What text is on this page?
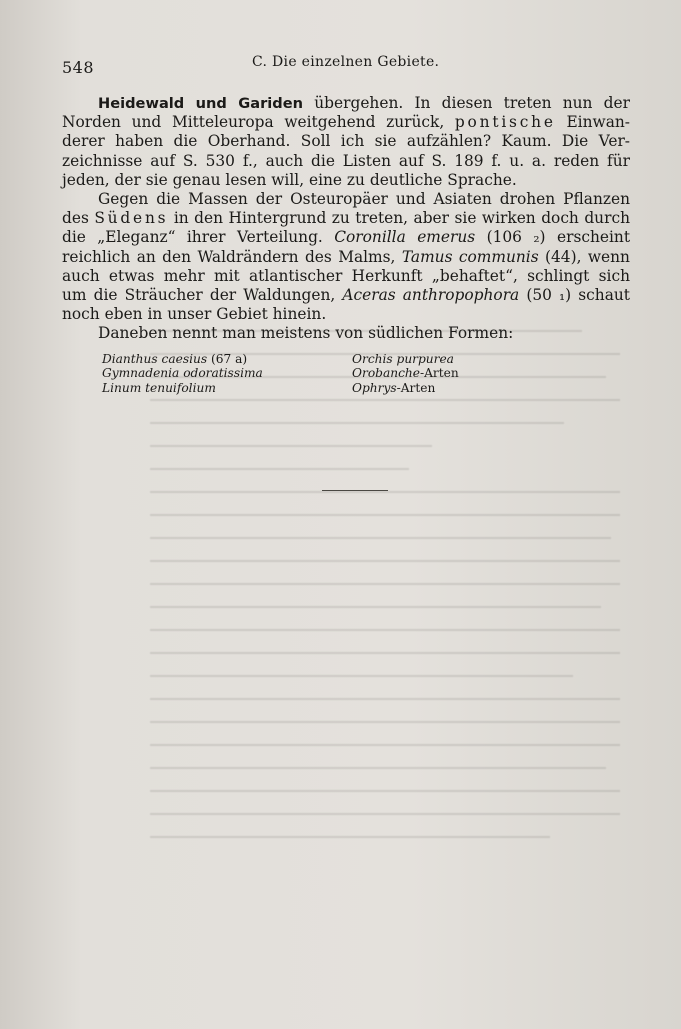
548	C. Die einzelnen Gebiete.
Heidewald und Gariden übergehen. In diesen treten nun der
Norden und Mitteleuropa weitgehend zurück, pontische Einwan-
derer haben die Oberhand. Soll ich sie aufzählen? Kaum. Die Ver-
zeichnisse auf S. 530 f., auch die Listen auf S. 189 f. u. a. reden für
jeden, der sie genau lesen will, eine zu deutliche Sprache.
Gegen die Massen der Osteuropäer und Asiaten drohen Pflanzen
des Südens in den Hintergrund zu treten, aber sie wirken doch durch
die „Eleganz“ ihrer Verteilung. Coronilla emerus (106 ₂) erscheint
reichlich an den Waldrändern des Malms, Tamus communis (44), wenn
auch etwas mehr mit atlantischer Herkunft „behaftet“, schlingt sich
um die Sträucher der Waldungen, Aceras anthropophora (50 ₁) schaut
noch eben in unser Gebiet hinein.
Daneben nennt man meistens von südlichen Formen:
Dianthus caesius (67 a)	Orchis purpurea
Gymnadenia odoratissima	Orobanche-Arten
Linum tenuifolium	Ophrys-Arten
